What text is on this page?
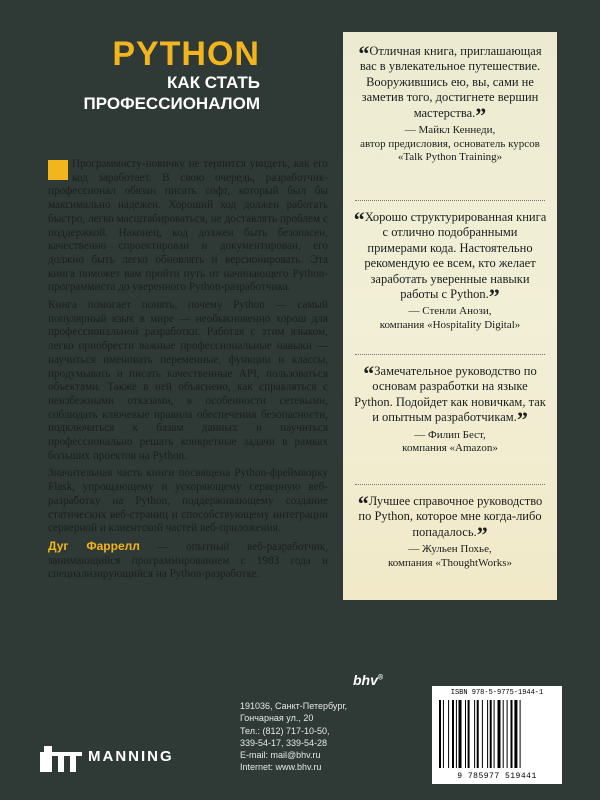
PYTHON
КАК СТАТЬ
ПРОФЕССИОНАЛОМ

Программисту-новичку не терпится увидеть, как его код заработает. В свою очередь, разработчик-профессионал обязан писать софт, который был бы максимально надежен. Хороший код должен работать быстро, легко масштабироваться, не доставлять проблем с поддержкой. Наконец, код должен быть безопасен, качественно спроектирован и документирован, его должно быть легко обновлять и версионировать. Эта книга поможет вам пройти путь от начинающего Python-программиста до уверенного Python-разработчика.

Книга помогает понять, почему Python — самый популярный язык в мире — необыкновенно хорош для профессиональной разработки. Работая с этим языком, легко приобрести важные профессиональные навыки — научиться именовать переменные, функции и классы, продумывать и писать качественные API, пользоваться объектами. Также в ней объяснено, как справляться с неизбежными отказами, в особенности сетевыми, соблюдать ключевые правила обеспечения безопасности, подключаться к базам данных и научиться профессионально решать конкретные задачи в рамках больших проектов на Python.

Значительная часть книги посвящена Python-фреймворку Flask, упрощающему и ускоряющему серверную веб-разработку на Python, поддерживающему создание статических веб-страниц и способствующему интеграции серверной и клиентской частей веб-приложения.

Дуг Фаррелл — опытный веб-разработчик, занимающийся программированием с 1983 года и специализирующийся на Python-разработке.

“Отличная книга, приглашающая вас в увлекательное путешествие. Вооружившись ею, вы, сами не заметив того, достигнете вершин мастерства.”
— Майкл Кеннеди,
автор предисловия, основатель курсов «Talk Python Training»
“Хорошо структурированная книга с отлично подобранными примерами кода. Настоятельно рекомендую ее всем, кто желает заработать уверенные навыки работы с Python.”
— Стенли Анози,
компания «Hospitality Digital»
“Замечательное руководство по основам разработки на языке Python. Подойдет как новичкам, так и опытным разработчикам.”
— Филип Бест,
компания «Amazon»
“Лучшее справочное руководство по Python, которое мне когда-либо попадалось.”
— Жульен Похье,
компания «ThoughtWorks»
bhv®
191036, Санкт-Петербург,
Гончарная ул., 20
Тел.: (812) 717-10-50,
339-54-17, 339-54-28
E-mail: mail@bhv.ru
Internet: www.bhv.ru
MANNING
ISBN 978-5-9775-1944-1
9 785977 519441
